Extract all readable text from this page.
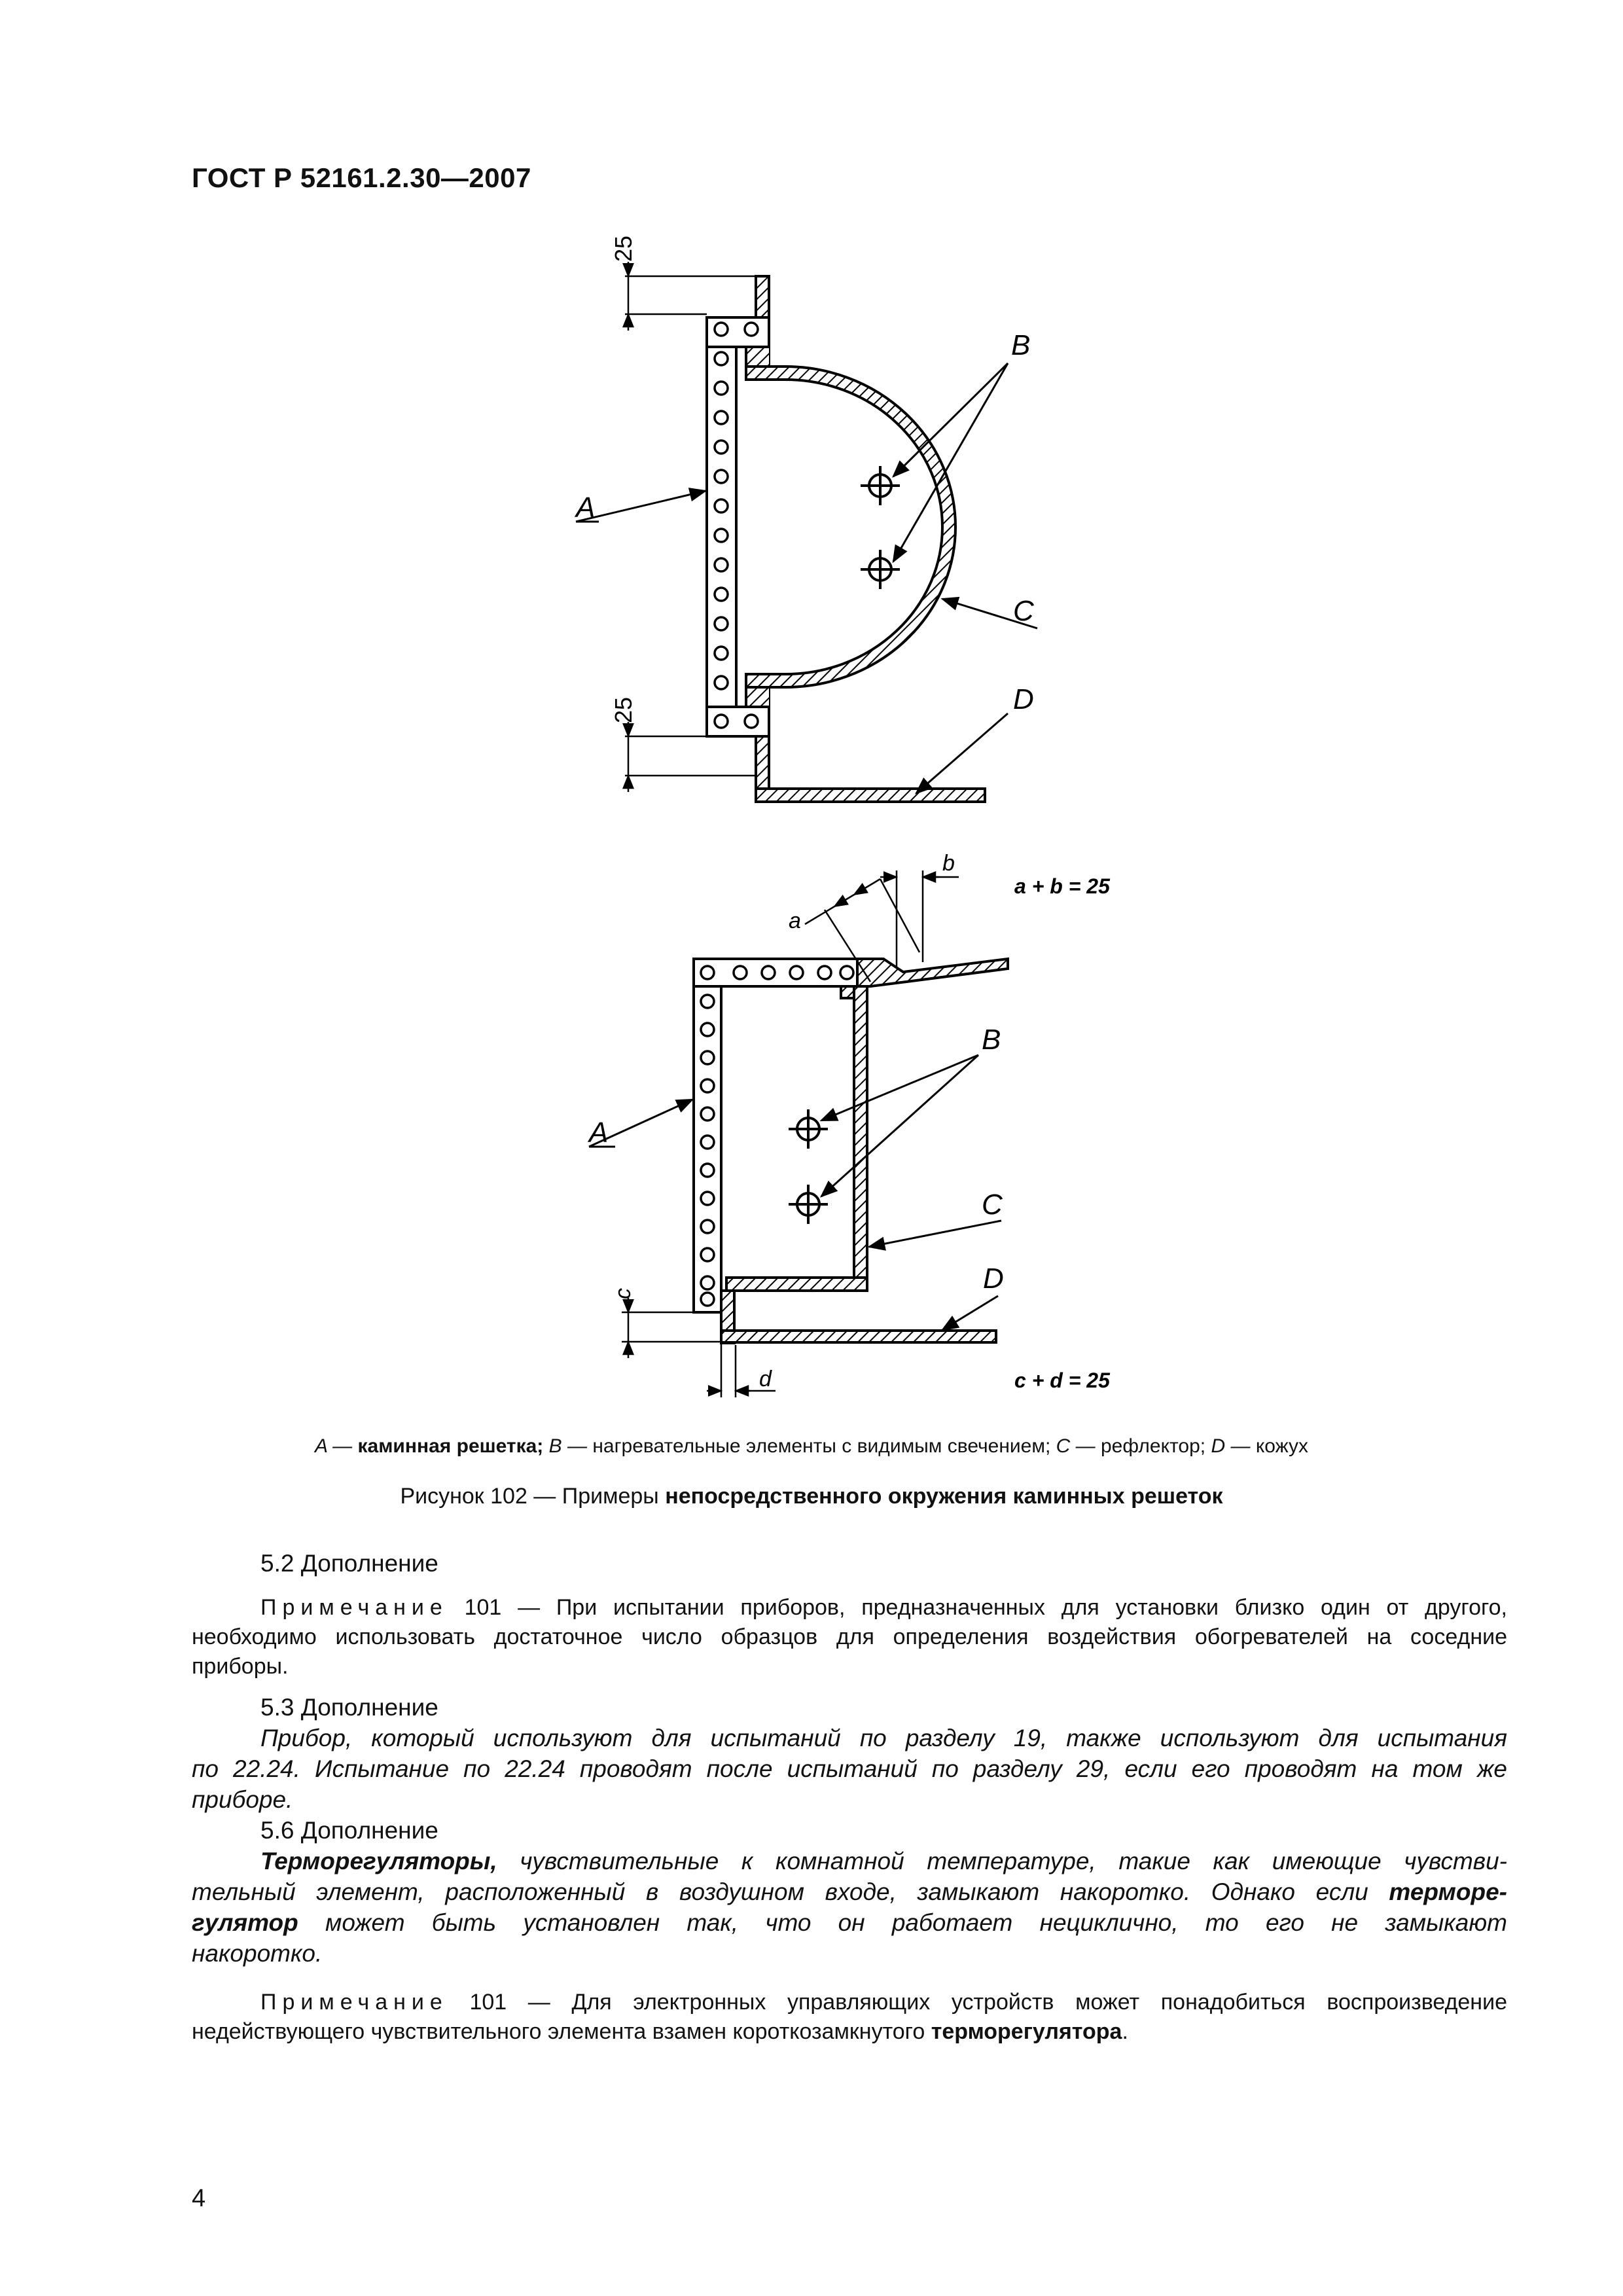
ГОСТ Р 52161.2.30—2007
25
25
A
B
C
D
a
b
c
d
a + b = 25
c + d = 25
A
B
C
D
A — каминная решетка; B — нагревательные элементы с видимым свечением; C — рефлектор; D — кожух
Рисунок 102 — Примеры непосредственного окружения каминных решеток
5.2 Дополнение
Примечание 101 — При испытании приборов, предназначенных для установки близко один от другого,
необходимо использовать достаточное число образцов для определения воздействия обогревателей на соседние
приборы.
5.3 Дополнение
Прибор, который используют для испытаний по разделу 19, также используют для испытания
по 22.24. Испытание по 22.24 проводят после испытаний по разделу 29, если его проводят на том же
приборе.
5.6 Дополнение
Терморегуляторы, чувствительные к комнатной температуре, такие как имеющие чувстви-
тельный элемент, расположенный в воздушном входе, замыкают накоротко. Однако если терморе-
гулятор может быть установлен так, что он работает нециклично, то его не замыкают
накоротко.
Примечание 101 — Для электронных управляющих устройств может понадобиться воспроизведение
недействующего чувствительного элемента взамен короткозамкнутого терморегулятора.
4
